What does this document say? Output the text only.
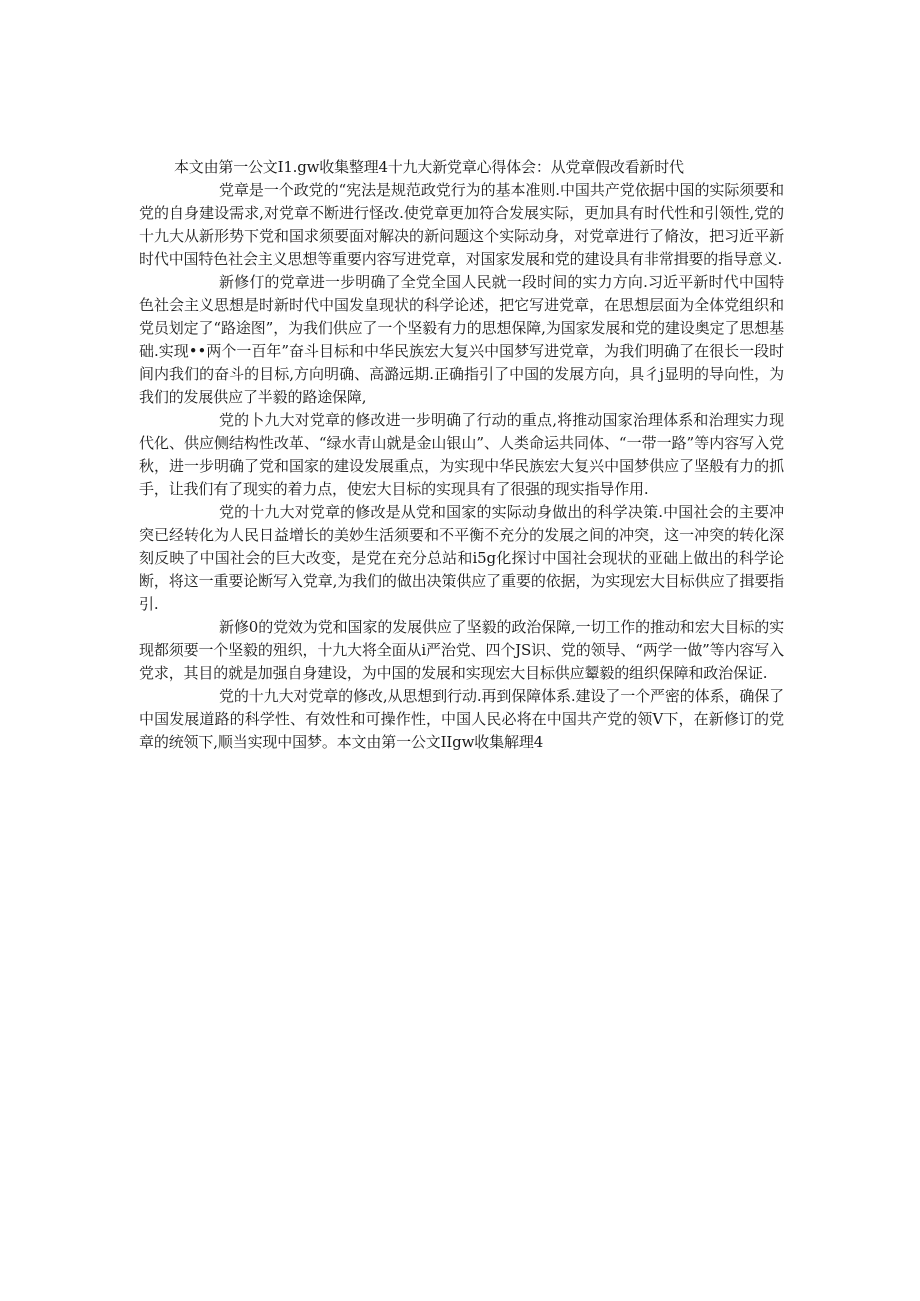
本文由第一公文I1.gw收集整理4十九大新党章心得体会：从党章假改看新时代

党章是一个政党的“宪法是规范政党行为的基本准则.中国共产党依据中国的实际须要和党的自身建设需求,对党章不断进行怪改.使党章更加符合发展实际，更加具有时代性和引领性,党的十九大从新形势下党和国求须要面对解决的新问题这个实际动身，对党章进行了脩汝，把习近平新时代中国特色社会主义思想等重要内容写进党章，对国家发展和党的建设具有非常揖要的指导意义.

新修仃的党章进一步明确了全党全国人民就一段时间的实力方向.习近平新时代中国特色社会主义思想是时新时代中国发皇现状的科学论述，把它写进党章，在思想层面为全体党组织和党员划定了“路途图”，为我们供应了一个坚毅有力的思想保障,为国家发展和党的建设奥定了思想基础.实现••两个一百年”奋斗目标和中华民族宏大复兴中国梦写进党章，为我们明确了在很长一段时间内我们的奋斗的目标,方向明确、高潞远期.正确指引了中国的发展方向，具彳j显明的导向性，为我们的发展供应了半毅的路途保障,

党的卜九大对党章的修改进一步明确了行动的重点,将推动国家治理体系和治理实力现代化、供应侧结构性改革、“绿水青山就是金山银山”、人类命运共同体、“一带一路”等内容写入党秋，进一步明确了党和国家的建设发展重点，为实现中华民族宏大复兴中国梦供应了坚般有力的抓手，让我们有了现实的着力点，使宏大目标的实现具有了很强的现实指导作用.

党的十九大对党章的修改是从党和国家的实际动身做出的科学决策.中国社会的主要冲突已经转化为人民日益增长的美妙生活须要和不平衡不充分的发展之间的冲突，这一冲突的转化深刻反映了中国社会的巨大改变，是党在充分总站和i5g化探讨中国社会现状的亚础上做出的科学论断，将这一重要论断写入党章,为我们的做出决策供应了重要的依据，为实现宏大目标供应了揖要指引.

新修0的党效为党和国家的发展供应了坚毅的政治保障,一切工作的推动和宏大目标的实现都须要一个坚毅的殂织，十九大将全面从i严治党、四个JS识、党的领导、“两学一做”等内容写入党求，其目的就是加强自身建设，为中国的发展和实现宏大目标供应颦毅的组织保障和政治保证.

党的十九大对党章的修改,从思想到行动.再到保障体系.建设了一个严密的体系，确保了中国发展道路的科学性、有效性和可操作性，中国人民必将在中国共产党的领V下，在新修订的党章的统领下,顺当实现中国梦。本文由第一公文IIgw收集解理4
